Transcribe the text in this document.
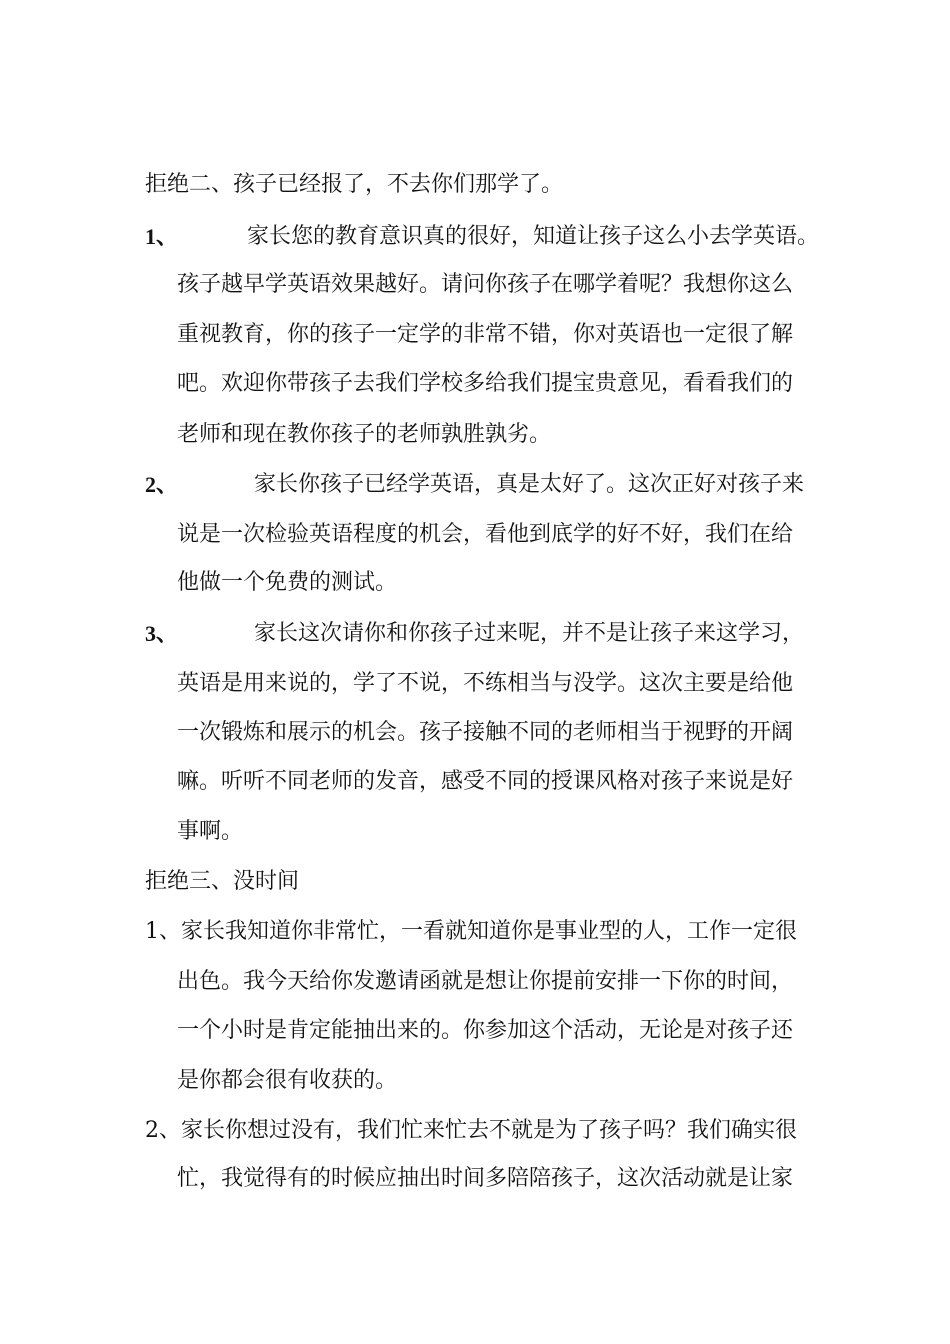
拒绝二、孩子已经报了，不去你们那学了。
1、	家长您的教育意识真的很好，知道让孩子这么小去学英语。
孩子越早学英语效果越好。请问你孩子在哪学着呢？我想你这么
重视教育，你的孩子一定学的非常不错，你对英语也一定很了解
吧。欢迎你带孩子去我们学校多给我们提宝贵意见，看看我们的
老师和现在教你孩子的老师孰胜孰劣。
2、	家长你孩子已经学英语，真是太好了。这次正好对孩子来
说是一次检验英语程度的机会，看他到底学的好不好，我们在给
他做一个免费的测试。
3、	家长这次请你和你孩子过来呢，并不是让孩子来这学习，
英语是用来说的，学了不说，不练相当与没学。这次主要是给他
一次锻炼和展示的机会。孩子接触不同的老师相当于视野的开阔
嘛。听听不同老师的发音，感受不同的授课风格对孩子来说是好
事啊。
拒绝三、没时间
1、家长我知道你非常忙，一看就知道你是事业型的人，工作一定很
出色。我今天给你发邀请函就是想让你提前安排一下你的时间，
一个小时是肯定能抽出来的。你参加这个活动，无论是对孩子还
是你都会很有收获的。
2、家长你想过没有，我们忙来忙去不就是为了孩子吗？我们确实很
忙，我觉得有的时候应抽出时间多陪陪孩子，这次活动就是让家
